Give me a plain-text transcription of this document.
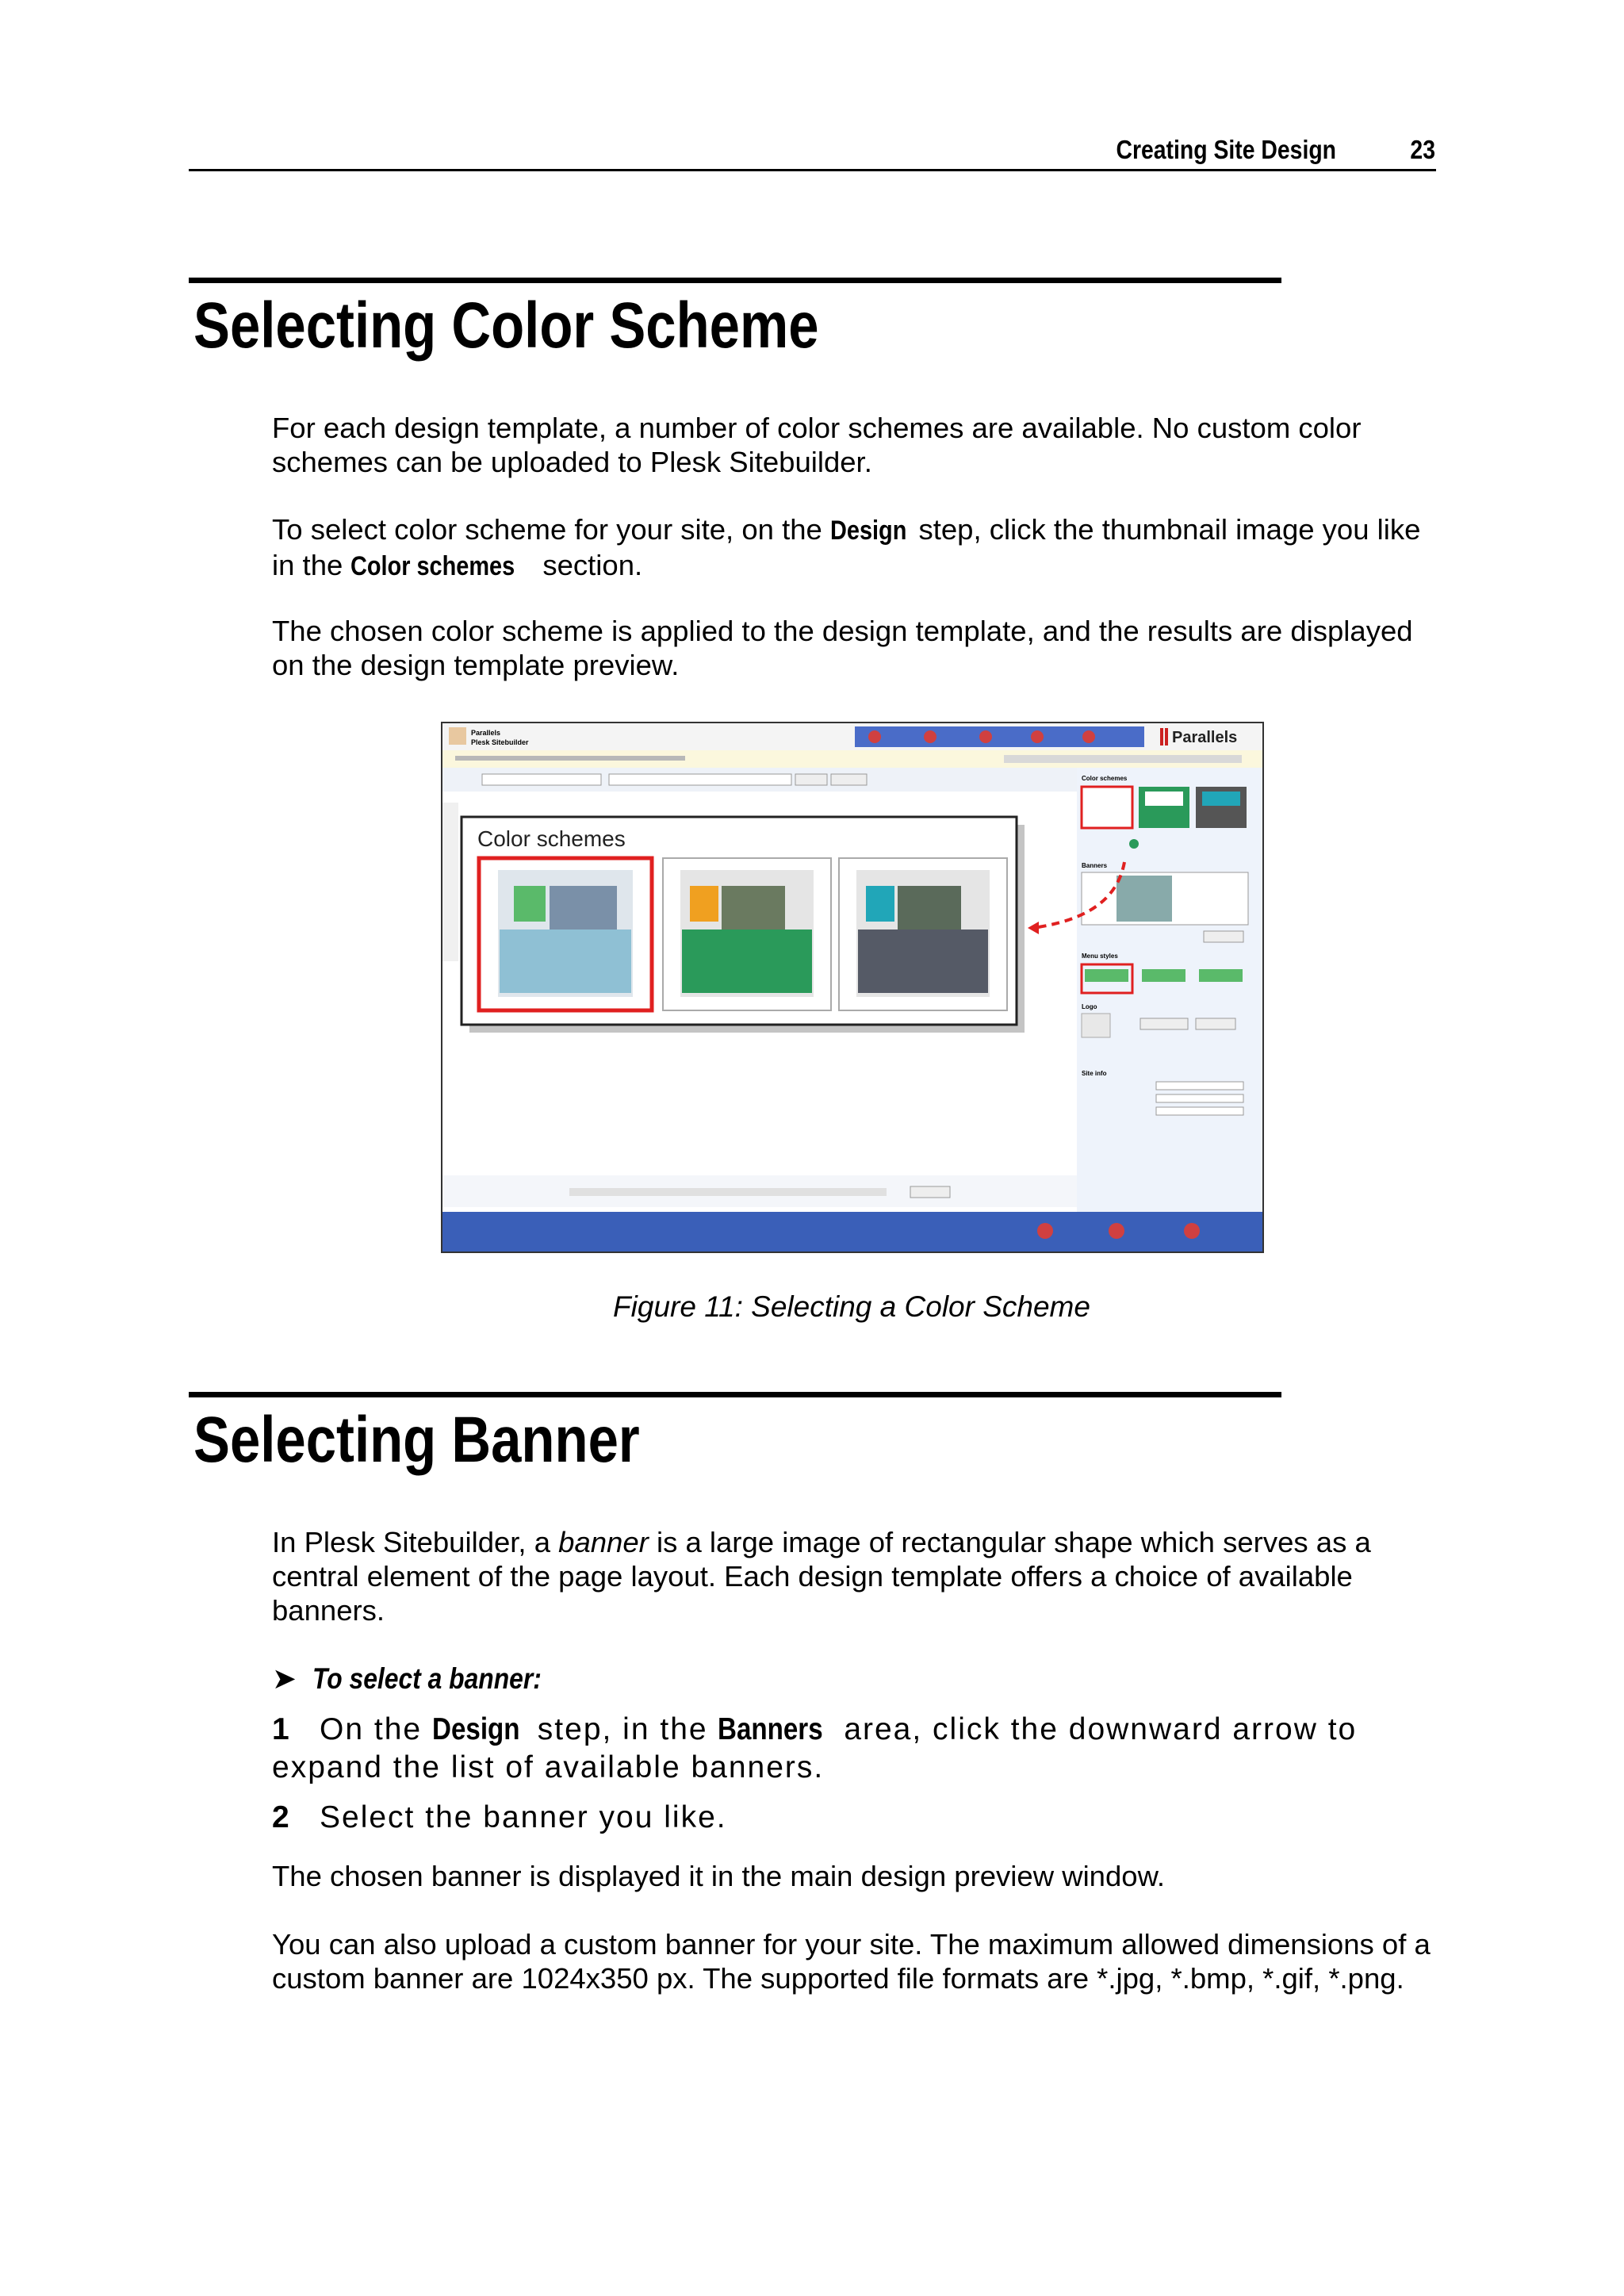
Creating Site Design	23
Selecting Color Scheme
For each design template, a number of color schemes are available. No custom color schemes can be uploaded to Plesk Sitebuilder.
To select color scheme for your site, on the Design step, click the thumbnail image you like in the Color schemes section.
The chosen color scheme is applied to the design template, and the results are displayed on the design template preview.
Parallels
Plesk Sitebuilder	Parallels
Color schemes
Banners
Menu styles
Logo
Site info
Color schemes
Figure 11: Selecting a Color Scheme
Selecting Banner
In Plesk Sitebuilder, a banner is a large image of rectangular shape which serves as a central element of the page layout. Each design template offers a choice of available banners.
➤ To select a banner:
1 On the Design step, in the Banners area, click the downward arrow to expand the list of available banners.
2 Select the banner you like.
The chosen banner is displayed it in the main design preview window.
You can also upload a custom banner for your site. The maximum allowed dimensions of a custom banner are 1024x350 px. The supported file formats are *.jpg, *.bmp, *.gif, *.png.
